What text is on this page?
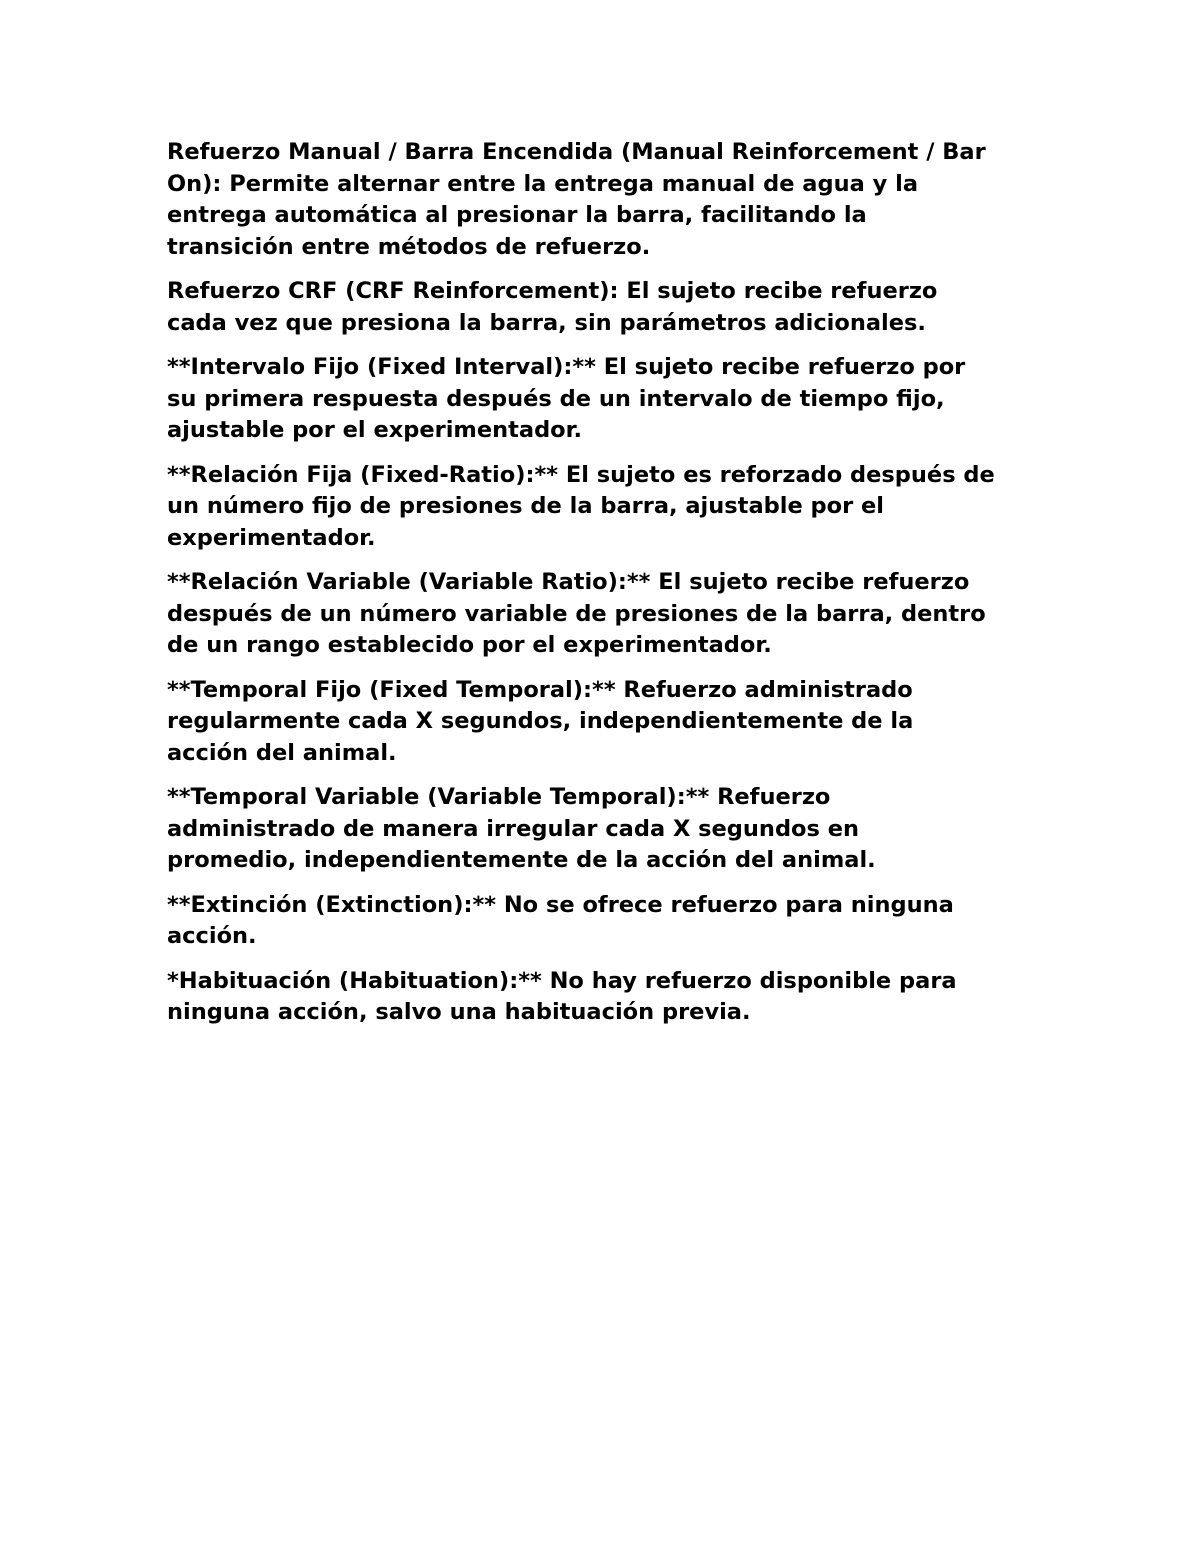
Refuerzo Manual / Barra Encendida (Manual Reinforcement / Bar
On): Permite alternar entre la entrega manual de agua y la
entrega automática al presionar la barra, facilitando la
transición entre métodos de refuerzo.

Refuerzo CRF (CRF Reinforcement): El sujeto recibe refuerzo
cada vez que presiona la barra, sin parámetros adicionales.

**Intervalo Fijo (Fixed Interval):** El sujeto recibe refuerzo por
su primera respuesta después de un intervalo de tiempo fijo,
ajustable por el experimentador.

**Relación Fija (Fixed-Ratio):** El sujeto es reforzado después de
un número fijo de presiones de la barra, ajustable por el
experimentador.

**Relación Variable (Variable Ratio):** El sujeto recibe refuerzo
después de un número variable de presiones de la barra, dentro
de un rango establecido por el experimentador.

**Temporal Fijo (Fixed Temporal):** Refuerzo administrado
regularmente cada X segundos, independientemente de la
acción del animal.

**Temporal Variable (Variable Temporal):** Refuerzo
administrado de manera irregular cada X segundos en
promedio, independientemente de la acción del animal.

**Extinción (Extinction):** No se ofrece refuerzo para ninguna
acción.

*Habituación (Habituation):** No hay refuerzo disponible para
ninguna acción, salvo una habituación previa.
